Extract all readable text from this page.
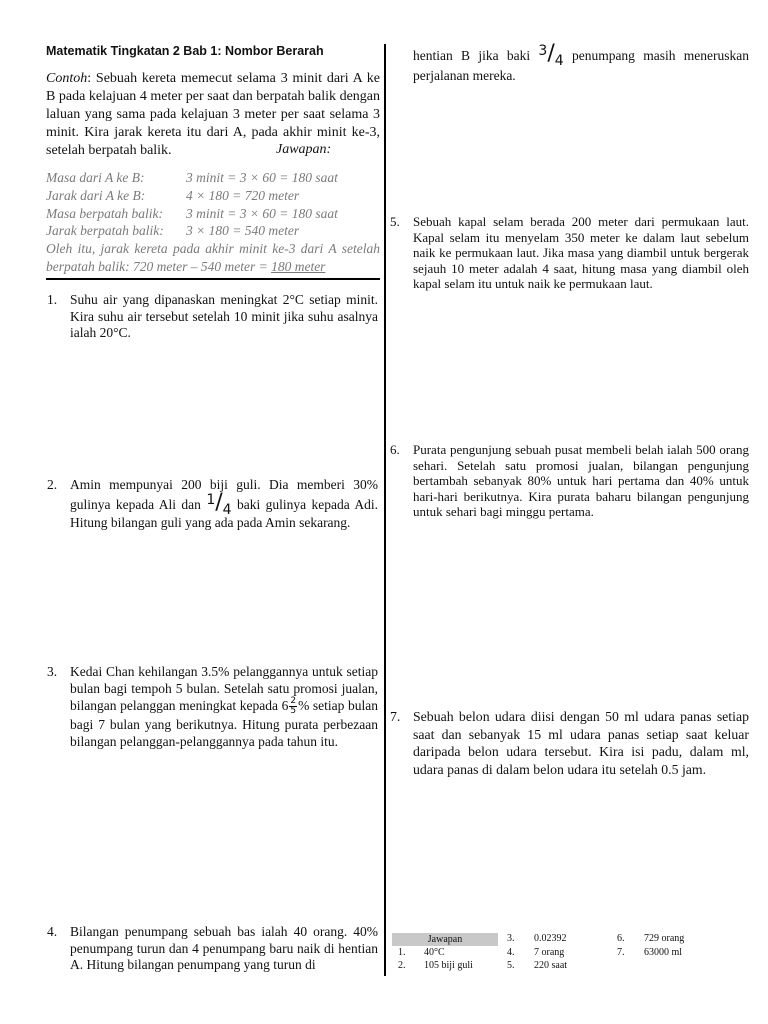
Matematik Tingkatan 2 Bab 1: Nombor Berarah
Contoh: Sebuah kereta memecut selama 3 minit dari A ke B pada kelajuan 4 meter per saat dan berpatah balik dengan laluan yang sama pada kelajuan 3 meter per saat selama 3 minit. Kira jarak kereta itu dari A, pada akhir minit ke-3, setelah berpatah balik.	Jawapan:
Masa dari A ke B:	3 minit = 3 × 60 = 180 saat
Jarak dari A ke B:	4 × 180 = 720 meter
Masa berpatah balik: 3 minit = 3 × 60 = 180 saat
Jarak berpatah balik: 3 × 180 = 540 meter
Oleh itu, jarak kereta pada akhir minit ke-3 dari A setelah berpatah balik: 720 meter – 540 meter = 180 meter
1. Suhu air yang dipanaskan meningkat 2°C setiap minit. Kira suhu air tersebut setelah 10 minit jika suhu asalnya ialah 20°C.
2. Amin mempunyai 200 biji guli. Dia memberi 30% gulinya kepada Ali dan 1/ 4 baki gulinya kepada Adi. Hitung bilangan guli yang ada pada Amin sekarang.
3. Kedai Chan kehilangan 3.5% pelanggannya untuk setiap bulan bagi tempoh 5 bulan. Setelah satu promosi jualan, bilangan pelanggan meningkat kepada $6 \frac{2}{5}$ % setiap bulan bagi 7 bulan yang berikutnya. Hitung purata perbezaan bilangan pelanggan-pelanggannya pada tahun itu.
4. Bilangan penumpang sebuah bas ialah 40 orang. 40% penumpang turun dan 4 penumpang baru naik di hentian A. Hitung bilangan penumpang yang turun di
hentian B jika baki 3/ 4 penumpang masih meneruskan perjalanan mereka.
5. Sebuah kapal selam berada 200 meter dari permukaan laut. Kapal selam itu menyelam 350 meter ke dalam laut sebelum naik ke permukaan laut. Jika masa yang diambil untuk bergerak sejauh 10 meter adalah 4 saat, hitung masa yang diambil oleh kapal selam itu untuk naik ke permukaan laut.
6. Purata pengunjung sebuah pusat membeli belah ialah 500 orang sehari. Setelah satu promosi jualan, bilangan pengunjung bertambah sebanyak 80% untuk hari pertama dan 40% untuk hari-hari berikutnya. Kira purata baharu bilangan pengunjung untuk sehari bagi minggu pertama.
7. Sebuah belon udara diisi dengan 50 ml udara panas setiap saat dan sebanyak 15 ml udara panas setiap saat keluar daripada belon udara tersebut. Kira isi padu, dalam ml, udara panas di dalam belon udara itu setelah 0.5 jam.
Jawapan
1. 40°C
2. 105 biji guli
3. 0.02392
4. 7 orang
5. 220 saat
6. 729 orang
7. 63000 ml
